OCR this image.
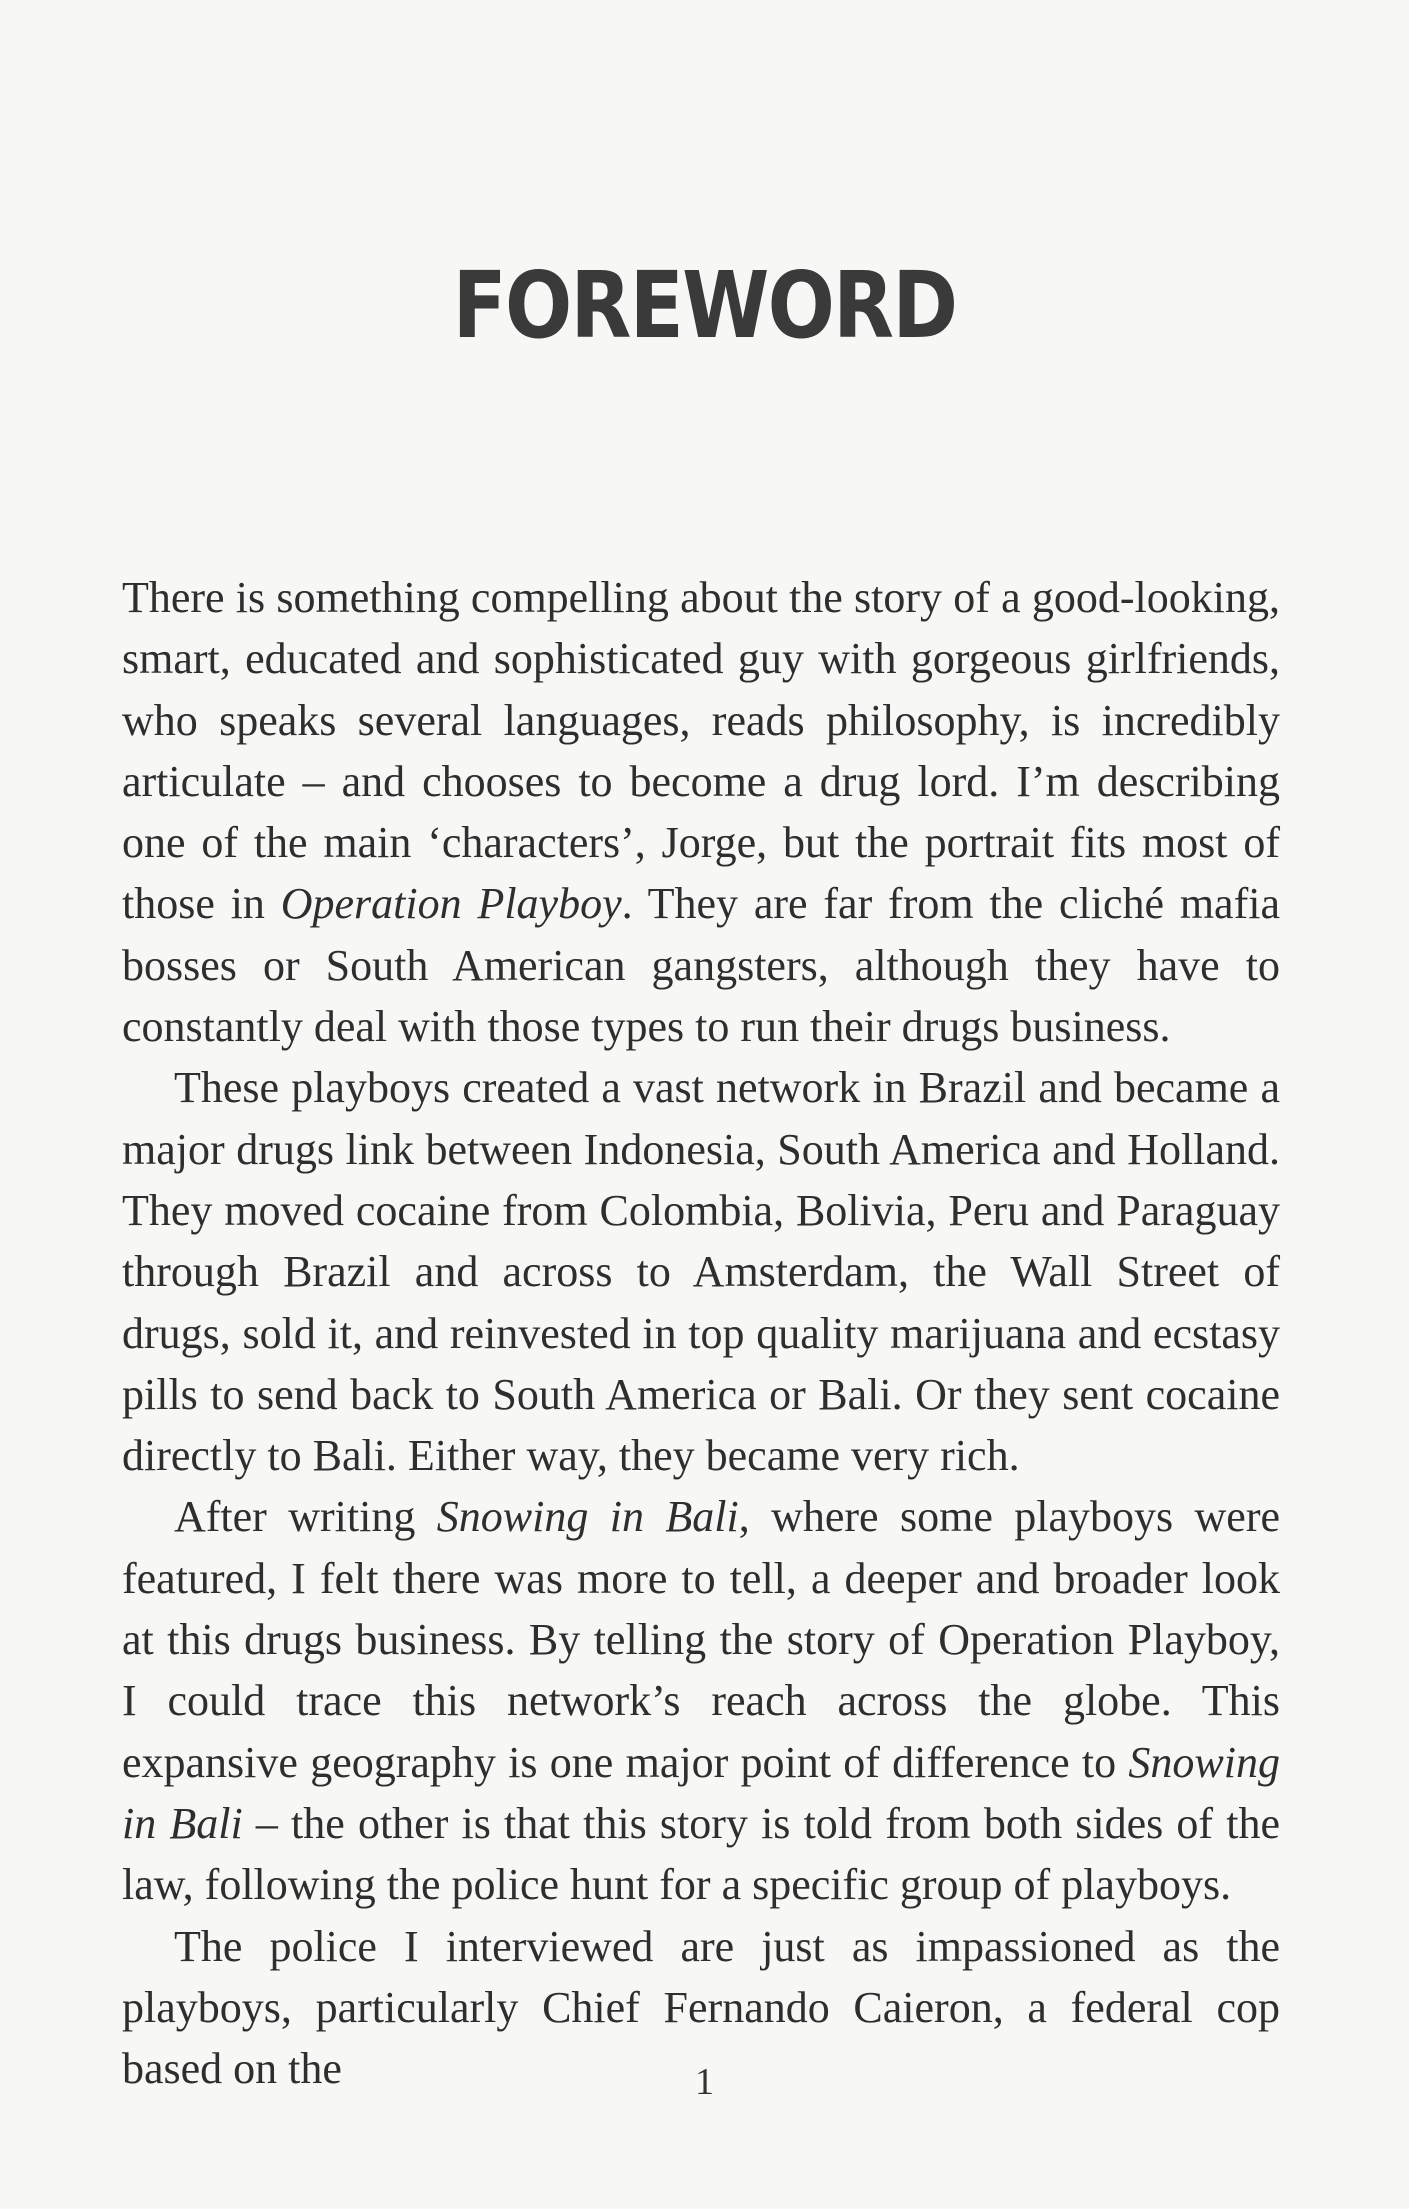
FOREWORD

There is something compelling about the story of a good-looking, smart, educated and sophisticated guy with gorgeous girlfriends, who speaks several languages, reads philosophy, is incredibly articulate – and chooses to become a drug lord. I’m describing one of the main ‘characters’, Jorge, but the portrait fits most of those in Operation Playboy. They are far from the cliché mafia bosses or South American gangsters, although they have to constantly deal with those types to run their drugs business.

These playboys created a vast network in Brazil and became a major drugs link between Indonesia, South America and Holland. They moved cocaine from Colombia, Bolivia, Peru and Paraguay through Brazil and across to Amsterdam, the Wall Street of drugs, sold it, and reinvested in top quality marijuana and ecstasy pills to send back to South America or Bali. Or they sent cocaine directly to Bali. Either way, they became very rich.

After writing Snowing in Bali, where some playboys were featured, I felt there was more to tell, a deeper and broader look at this drugs business. By telling the story of Operation Playboy, I could trace this network’s reach across the globe. This expansive geography is one major point of difference to Snowing in Bali – the other is that this story is told from both sides of the law, following the police hunt for a specific group of playboys.

The police I interviewed are just as impassioned as the playboys, particularly Chief Fernando Caieron, a federal cop based on the	1
